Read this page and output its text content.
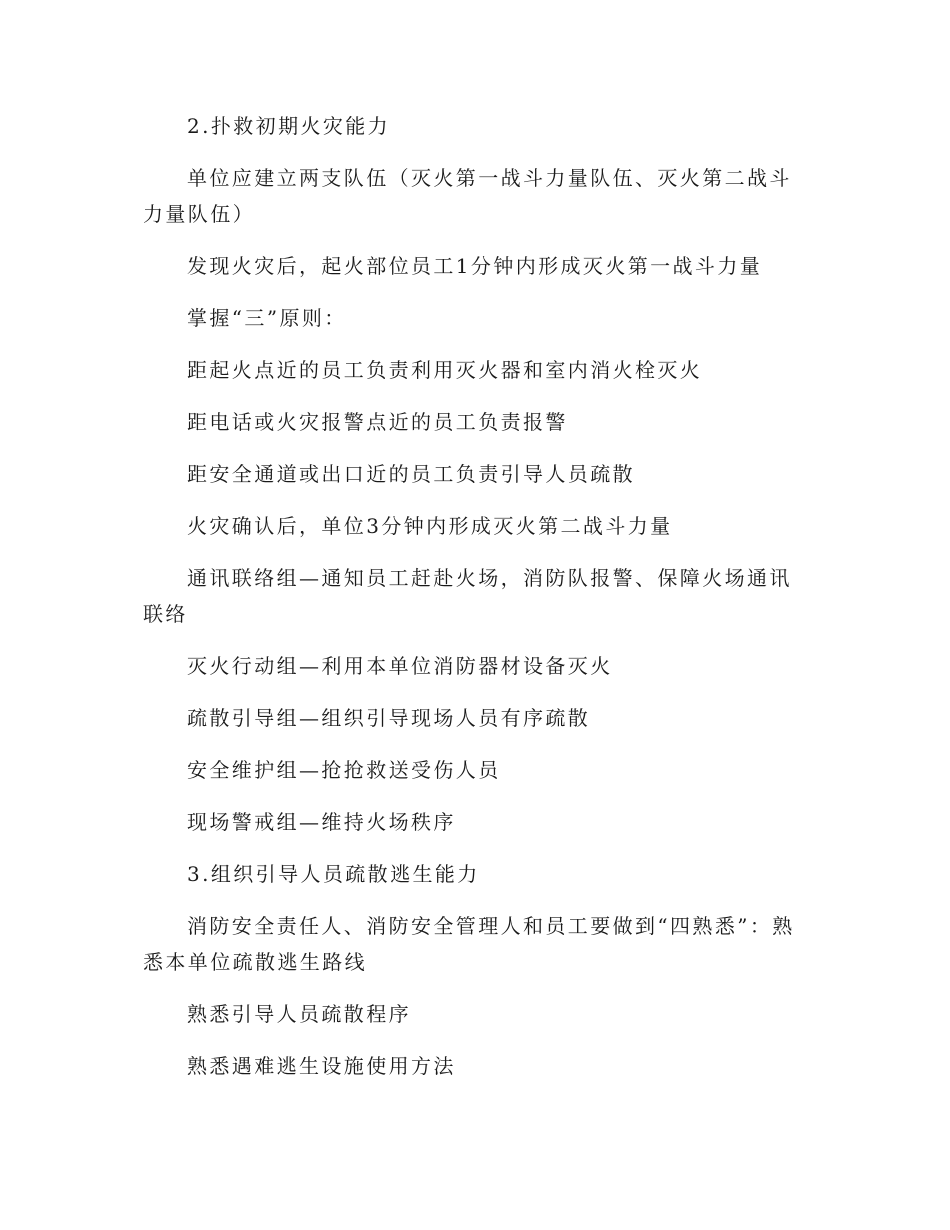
2.扑救初期火灾能力

单位应建立两支队伍（灭火第一战斗力量队伍、灭火第二战斗力量队伍）

发现火灾后，起火部位员工1分钟内形成灭火第一战斗力量

掌握“三”原则：

距起火点近的员工负责利用灭火器和室内消火栓灭火

距电话或火灾报警点近的员工负责报警

距安全通道或出口近的员工负责引导人员疏散

火灾确认后，单位3分钟内形成灭火第二战斗力量

通讯联络组—通知员工赶赴火场，消防队报警、保障火场通讯联络

灭火行动组—利用本单位消防器材设备灭火

疏散引导组—组织引导现场人员有序疏散

安全维护组—抢抢救送受伤人员

现场警戒组—维持火场秩序

3.组织引导人员疏散逃生能力

消防安全责任人、消防安全管理人和员工要做到“四熟悉”：熟悉本单位疏散逃生路线

熟悉引导人员疏散程序

熟悉遇难逃生设施使用方法
